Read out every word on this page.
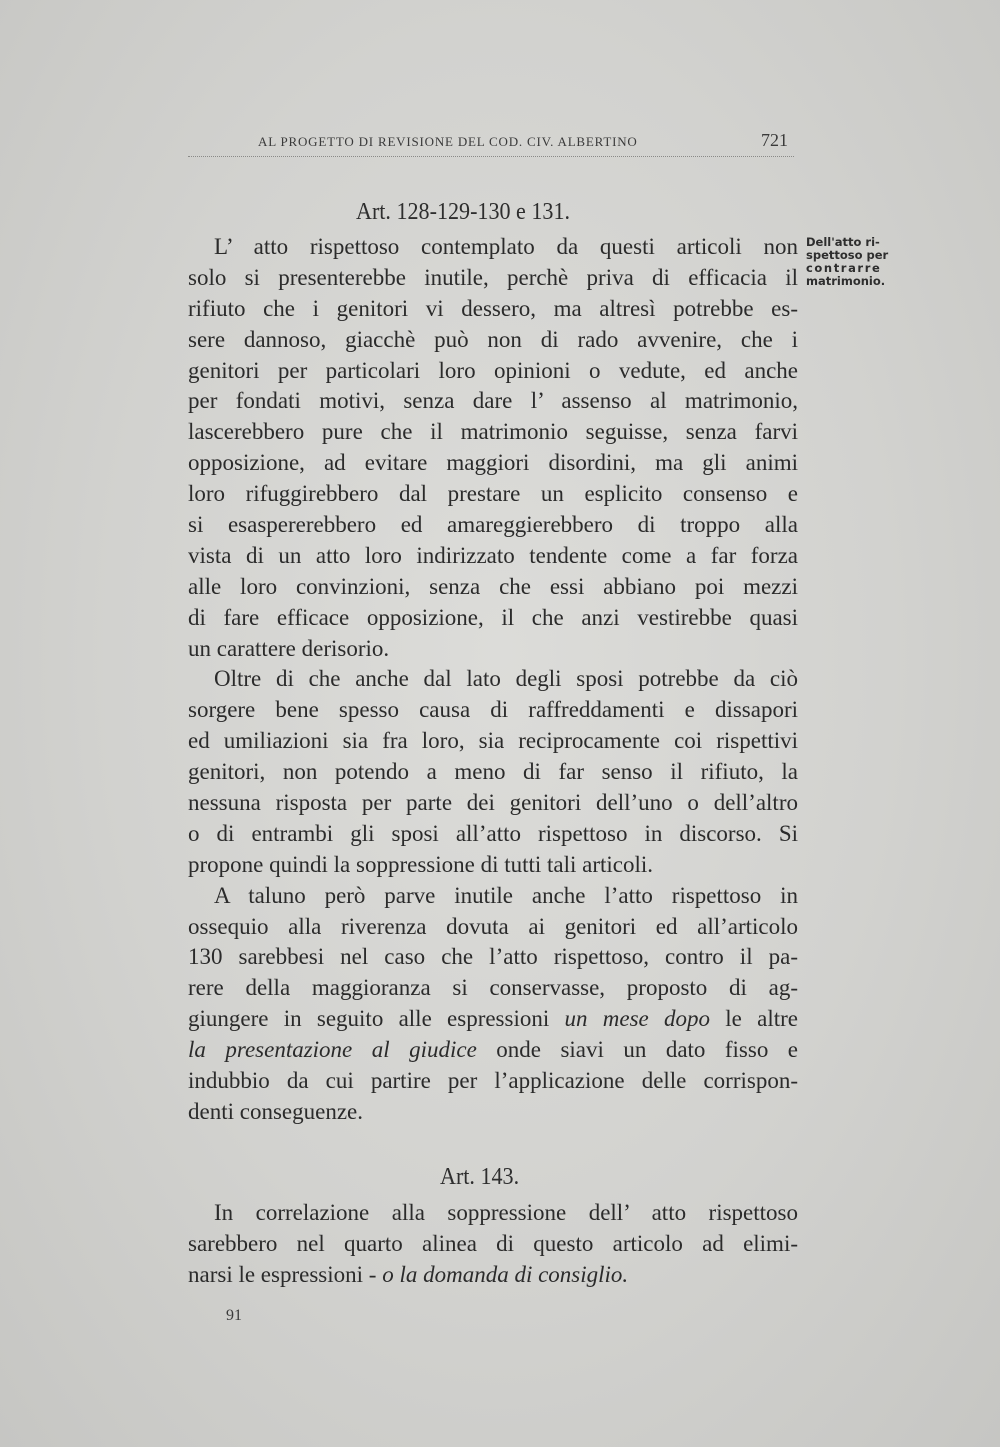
AL PROGETTO DI REVISIONE DEL COD. CIV. ALBERTINO	721
Art. 128-129-130 e 131.
Dell'atto ri-
spettoso per
contrarre
matrimonio.
L’ atto rispettoso contemplato da questi articoli non
solo si presenterebbe inutile, perchè priva di efficacia il
rifiuto che i genitori vi dessero, ma altresì potrebbe es-
sere dannoso, giacchè può non di rado avvenire, che i
genitori per particolari loro opinioni o vedute, ed anche
per fondati motivi, senza dare l’ assenso al matrimonio,
lascerebbero pure che il matrimonio seguisse, senza farvi
opposizione, ad evitare maggiori disordini, ma gli animi
loro rifuggirebbero dal prestare un esplicito consenso e
si esaspererebbero ed amareggierebbero di troppo alla
vista di un atto loro indirizzato tendente come a far forza
alle loro convinzioni, senza che essi abbiano poi mezzi
di fare efficace opposizione, il che anzi vestirebbe quasi
un carattere derisorio.
Oltre di che anche dal lato degli sposi potrebbe da ciò
sorgere bene spesso causa di raffreddamenti e dissapori
ed umiliazioni sia fra loro, sia reciprocamente coi rispettivi
genitori, non potendo a meno di far senso il rifiuto, la
nessuna risposta per parte dei genitori dell’uno o dell’altro
o di entrambi gli sposi all’atto rispettoso in discorso. Si
propone quindi la soppressione di tutti tali articoli.
A taluno però parve inutile anche l’atto rispettoso in
ossequio alla riverenza dovuta ai genitori ed all’articolo
130 sarebbesi nel caso che l’atto rispettoso, contro il pa-
rere della maggioranza si conservasse, proposto di ag-
giungere in seguito alle espressioni un mese dopo le altre
la presentazione al giudice onde siavi un dato fisso e
indubbio da cui partire per l’applicazione delle corrispon-
denti conseguenze.
Art. 143.
In correlazione alla soppressione dell’ atto rispettoso
sarebbero nel quarto alinea di questo articolo ad elimi-
narsi le espressioni - o la domanda di consiglio.
91
